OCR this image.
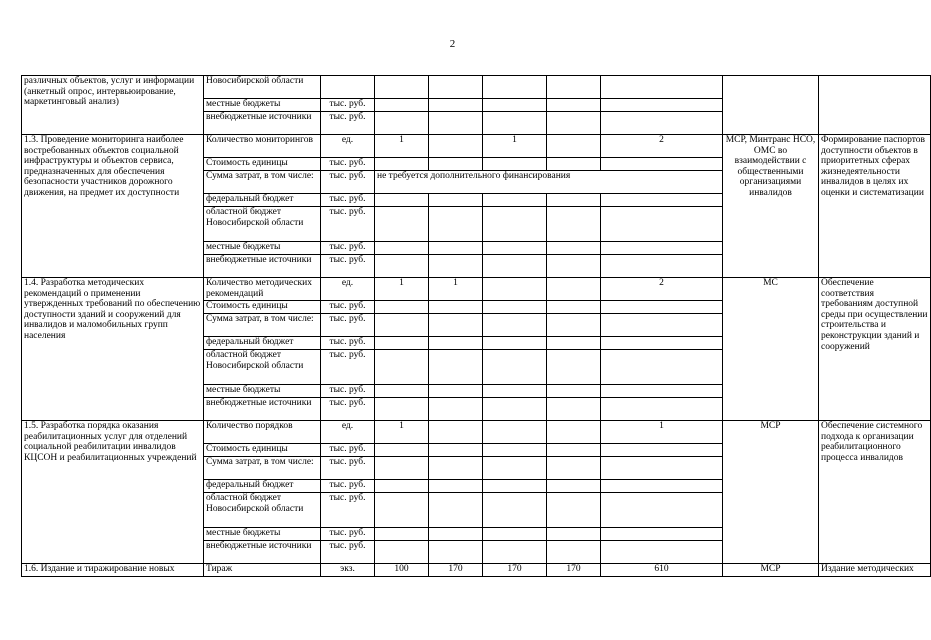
2
различных объектов, услуг и информации (анкетный опрос, интервьюирование, маркетинговый анализ)	Новосибирской области								
	местные бюджеты	тыс. руб.							
	внебюджетные источники	тыс. руб.							
1.3. Проведение мониторинга наиболее востребованных объектов социальной инфраструктуры и объектов сервиса, предназначенных для обеспечения безопасности участников дорожного движения, на предмет их доступности	Количество мониторингов	ед.	1		1		2	МСР, Минтранс НСО, ОМС во взаимодействии с общественными организациями инвалидов	Формирование паспортов доступности объектов в приоритетных сферах жизнедеятельности инвалидов в целях их оценки и систематизации
	Стоимость единицы	тыс. руб.							
	Сумма затрат, в том числе:	тыс. руб.	не требуется дополнительного финансирования						
	федеральный бюджет	тыс. руб.							
	областной бюджет Новосибирской области	тыс. руб.							
	местные бюджеты	тыс. руб.							
	внебюджетные источники	тыс. руб.							
1.4. Разработка методических рекомендаций о применении утвержденных требований по обеспечению доступности зданий и сооружений для инвалидов и маломобильных групп населения	Количество методических рекомендаций	ед.	1	1			2	МС	Обеспечение соответствия требованиям доступной среды при осуществлении строительства и реконструкции зданий и сооружений
	Стоимость единицы	тыс. руб.							
	Сумма затрат, в том числе:	тыс. руб.							
	федеральный бюджет	тыс. руб.							
	областной бюджет Новосибирской области	тыс. руб.							
	местные бюджеты	тыс. руб.							
	внебюджетные источники	тыс. руб.							
1.5. Разработка порядка оказания реабилитационных услуг для отделений социальной реабилитации инвалидов КЦСОН и реабилитационных учреждений	Количество порядков	ед.	1				1	МСР	Обеспечение системного подхода к организации реабилитационного процесса инвалидов
	Стоимость единицы	тыс. руб.							
	Сумма затрат, в том числе:	тыс. руб.							
	федеральный бюджет	тыс. руб.							
	областной бюджет Новосибирской области	тыс. руб.							
	местные бюджеты	тыс. руб.							
	внебюджетные источники	тыс. руб.							
1.6. Издание и тиражирование новых	Тираж	экз.	100	170	170	170	610	МСР	Издание методических
